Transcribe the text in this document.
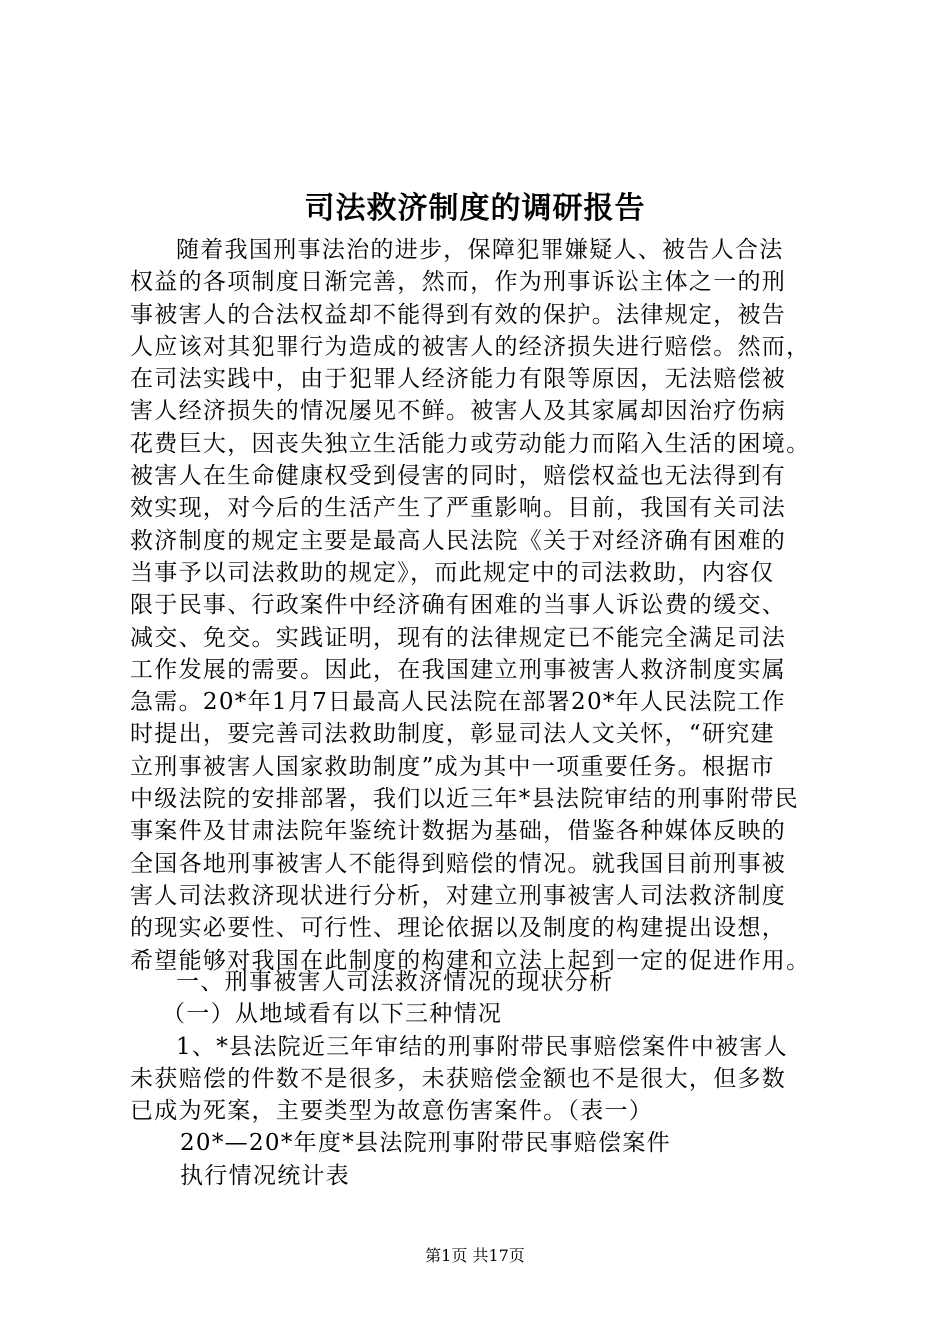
司法救济制度的调研报告
随着我国刑事法治的进步，保障犯罪嫌疑人、被告人合法
权益的各项制度日渐完善，然而，作为刑事诉讼主体之一的刑
事被害人的合法权益却不能得到有效的保护。法律规定，被告
人应该对其犯罪行为造成的被害人的经济损失进行赔偿。然而，
在司法实践中，由于犯罪人经济能力有限等原因，无法赔偿被
害人经济损失的情况屡见不鲜。被害人及其家属却因治疗伤病
花费巨大，因丧失独立生活能力或劳动能力而陷入生活的困境。
被害人在生命健康权受到侵害的同时，赔偿权益也无法得到有
效实现，对今后的生活产生了严重影响。目前，我国有关司法
救济制度的规定主要是最高人民法院《关于对经济确有困难的
当事予以司法救助的规定》，而此规定中的司法救助，内容仅
限于民事、行政案件中经济确有困难的当事人诉讼费的缓交、
减交、免交。实践证明，现有的法律规定已不能完全满足司法
工作发展的需要。因此，在我国建立刑事被害人救济制度实属
急需。20*年1月7日最高人民法院在部署20*年人民法院工作
时提出，要完善司法救助制度，彰显司法人文关怀，“研究建
立刑事被害人国家救助制度”成为其中一项重要任务。根据市
中级法院的安排部署，我们以近三年*县法院审结的刑事附带民
事案件及甘肃法院年鉴统计数据为基础，借鉴各种媒体反映的
全国各地刑事被害人不能得到赔偿的情况。就我国目前刑事被
害人司法救济现状进行分析，对建立刑事被害人司法救济制度
的现实必要性、可行性、理论依据以及制度的构建提出设想，
希望能够对我国在此制度的构建和立法上起到一定的促进作用。
一、刑事被害人司法救济情况的现状分析
（一）从地域看有以下三种情况
1、*县法院近三年审结的刑事附带民事赔偿案件中被害人
未获赔偿的件数不是很多，未获赔偿金额也不是很大，但多数
已成为死案，主要类型为故意伤害案件。（表一）
20*—20*年度*县法院刑事附带民事赔偿案件
执行情况统计表
第1页 共17页
